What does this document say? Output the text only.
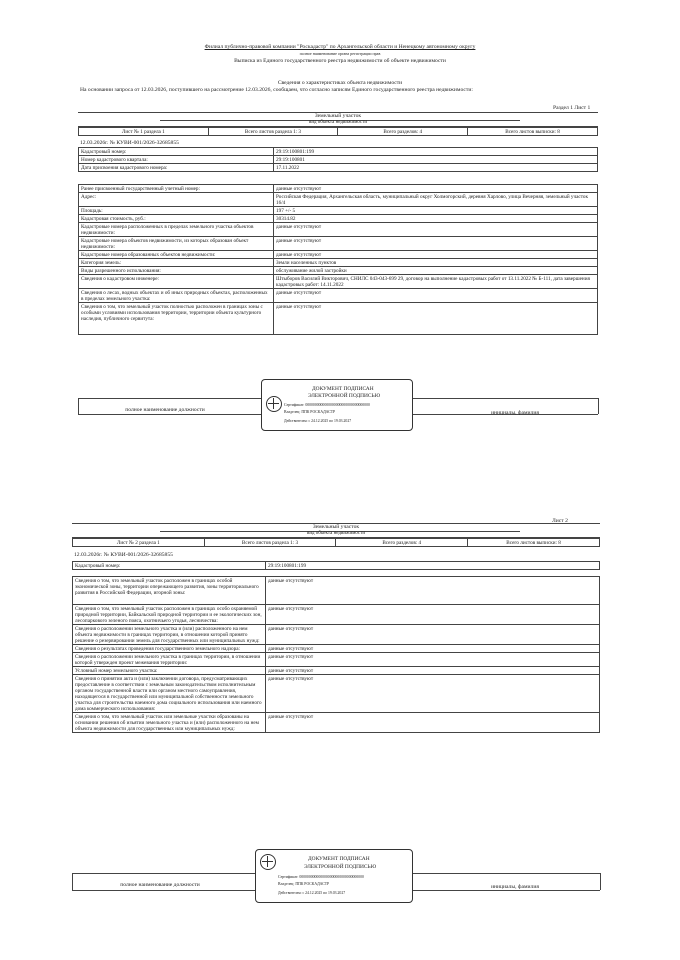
Филиал публично-правовой компании "Роскадастр" по Архангельской области и Ненецкому автономному округу
полное наименование органа регистрации прав
Выписка из Единого государственного реестра недвижимости об объекте недвижимости
Сведения о характеристиках объекта недвижимости
На основании запроса от 12.03.2026, поступившего на рассмотрение 12.03.2026, сообщаем, что согласно записям Единого государственного реестра недвижимости:
Раздел 1 Лист 1
Земельный участок
вид объекта недвижимости
Лист № 1 раздела 1	Всего листов раздела 1: 3	Всего разделов: 4	Всего листов выписки: 8
12.03.2026г. № КУВИ-001/2026-32685855
Кадастровый номер:	29:19:100801:199
Номер кадастрового квартала:	29:19:100801
Дата присвоения кадастрового номера:	17.11.2022
Ранее присвоенный государственный учетный номер:	данные отсутствуют
Адрес:	Российская Федерация, Архангельская область, муниципальный округ Холмогорский, деревня Харлово, улица Вечерняя, земельный участок 16/4
Площадь:	197 +/- 5
Кадастровая стоимость, руб.:	30314.82
Кадастровые номера расположенных в пределах земельного участка объектов недвижимости:	данные отсутствуют
Кадастровые номера объектов недвижимости, из которых образован объект недвижимости:	данные отсутствуют
Кадастровые номера образованных объектов недвижимости:	данные отсутствуют
Категория земель:	Земли населенных пунктов
Виды разрешенного использования:	обслуживание жилой застройки
Сведения о кадастровом инженере:	Штыборов Василий Викторович, СНИЛС 043-043-699 29, договор на выполнение кадастровых работ от 13.11.2022 № Б-111, дата завершения кадастровых работ: 14.11.2022
Сведения о лесах, водных объектах и об иных природных объектах, расположенных в пределах земельного участка:	данные отсутствуют
Сведения о том, что земельный участок полностью расположен в границах зоны с особыми условиями использования территории, территории объекта культурного наследия, публичного сервитута:	данные отсутствуют
полное наименование должности	инициалы, фамилия
ДОКУМЕНТ ПОДПИСАН
ЭЛЕКТРОННОЙ ПОДПИСЬЮ
Сертификат: 0000000000000000000000000000000000
Владелец: ППК РОСКАДАСТР
Действителен: с 24.12.2025 по 19.03.2027
Лист 2
Земельный участок
вид объекта недвижимости
Лист № 2 раздела 1	Всего листов раздела 1: 3	Всего разделов: 4	Всего листов выписки: 8
12.03.2026г. № КУВИ-001/2026-32685855
Кадастровый номер:	29:19:100801:199
Сведения о том, что земельный участок расположен в границах особой экономической зоны, территории опережающего развития, зоны территориального развития в Российской Федерации, игорной зоны:	данные отсутствуют
Сведения о том, что земельный участок расположен в границах особо охраняемой природной территории, Байкальской природной территории и ее экологических зон, лесопаркового зеленого пояса, охотничьего угодья, лесничества:	данные отсутствуют
Сведения о расположении земельного участка и (или) расположенного на нем объекта недвижимости в границах территории, в отношении которой принято решение о резервировании земель для государственных или муниципальных нужд:	данные отсутствуют
Сведения о результатах проведения государственного земельного надзора:	данные отсутствуют
Сведения о расположении земельного участка в границах территории, в отношении которой утвержден проект межевания территории:	данные отсутствуют
Условный номер земельного участка:	данные отсутствуют
Сведения о принятии акта и (или) заключении договора, предусматривающих предоставление в соответствии с земельным законодательством исполнительным органом государственной власти или органом местного самоуправления, находящегося в государственной или муниципальной собственности земельного участка для строительства наемного дома социального использования или наемного дома коммерческого использования:	данные отсутствуют
Сведения о том, что земельный участок или земельные участки образованы на основании решения об изъятии земельного участка и (или) расположенного на нем объекта недвижимости для государственных или муниципальных нужд:	данные отсутствуют
полное наименование должности	инициалы, фамилия
ДОКУМЕНТ ПОДПИСАН
ЭЛЕКТРОННОЙ ПОДПИСЬЮ
Сертификат: 0000000000000000000000000000000000
Владелец: ППК РОСКАДАСТР
Действителен: с 24.12.2025 по 19.03.2027
